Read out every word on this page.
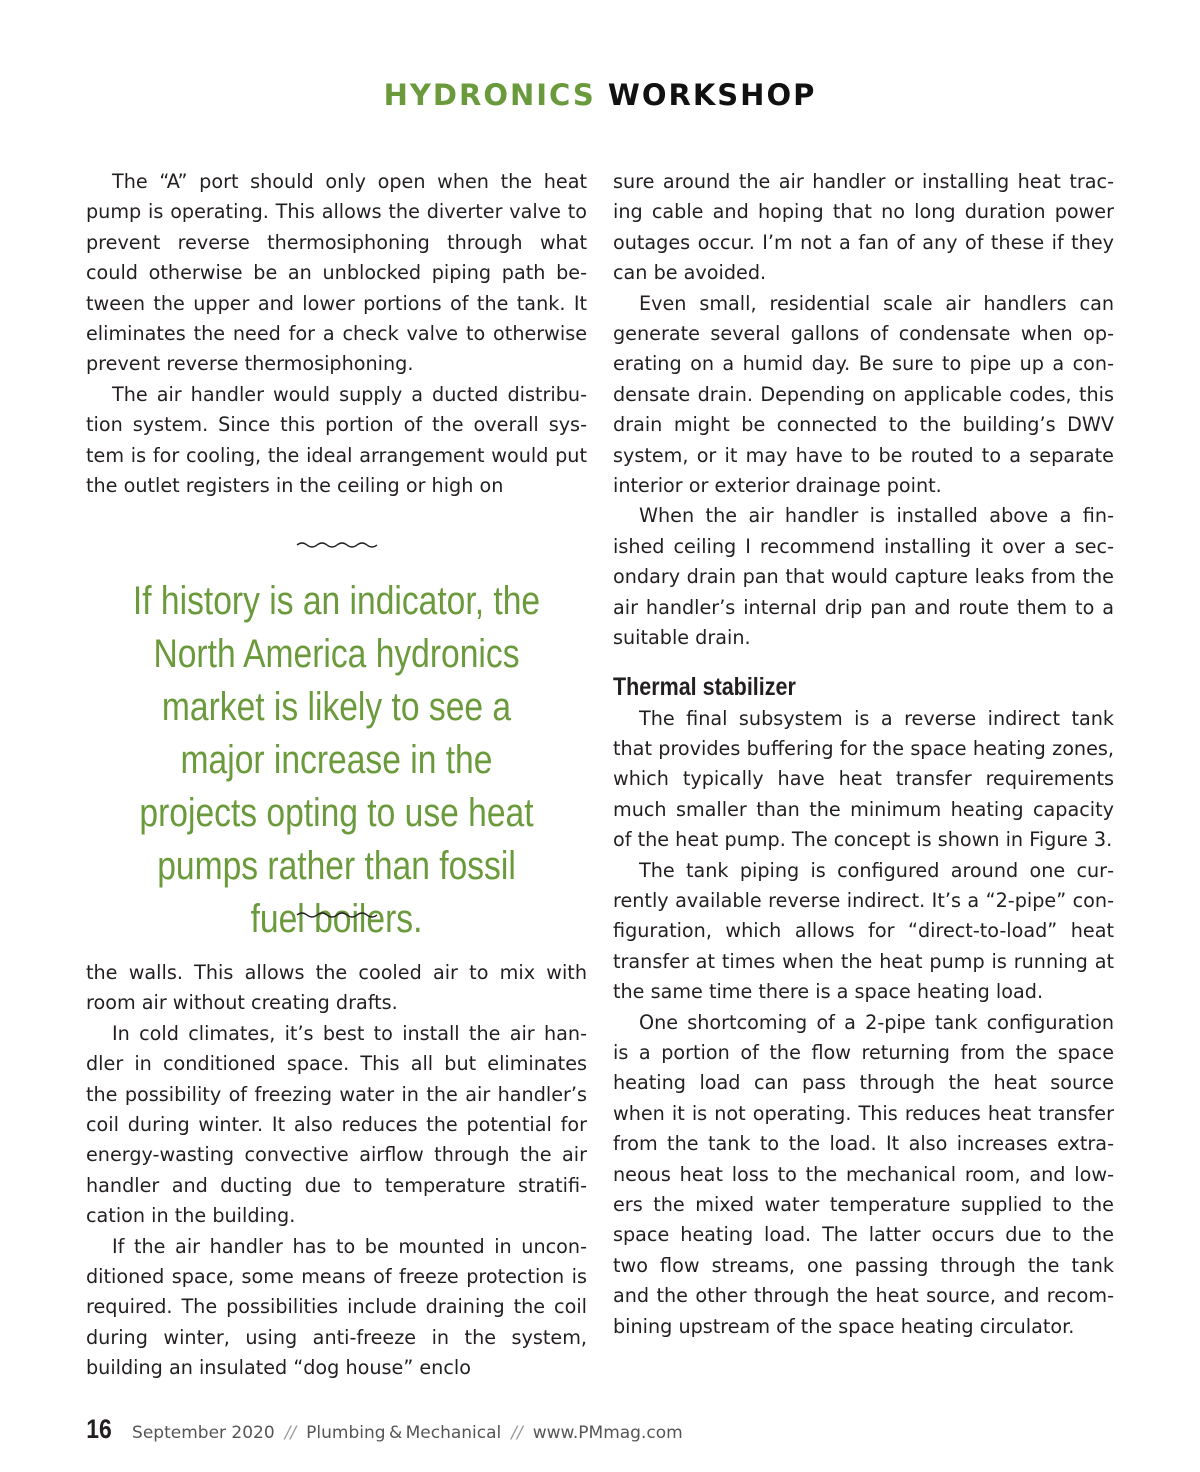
HYDRONICS WORKSHOP

The “A” port should only open when the heat pump is operating. This allows the diverter valve to prevent reverse thermosiphoning through what could otherwise be an unblocked piping path between the upper and lower portions of the tank. It eliminates the need for a check valve to otherwise prevent reverse thermosiphoning.

The air handler would supply a ducted distribution system. Since this portion of the overall system is for cooling, the ideal arrangement would put the outlet registers in the ceiling or high on

If history is an indicator, the North America hydronics market is likely to see a major increase in the projects opting to use heat pumps rather than fossil fuel boilers.

the walls. This allows the cooled air to mix with room air without creating drafts.

In cold climates, it’s best to install the air handler in conditioned space. This all but eliminates the possibility of freezing water in the air handler’s coil during winter. It also reduces the potential for energy-wasting convective airflow through the air handler and ducting due to temperature stratification in the building.

If the air handler has to be mounted in unconditioned space, some means of freeze protection is required. The possibilities include draining the coil during winter, using anti-freeze in the system, building an insulated “dog house” enclo

sure around the air handler or installing heat tracing cable and hoping that no long duration power outages occur. I’m not a fan of any of these if they can be avoided.

Even small, residential scale air handlers can generate several gallons of condensate when operating on a humid day. Be sure to pipe up a condensate drain. Depending on applicable codes, this drain might be connected to the building’s DWV system, or it may have to be routed to a separate interior or exterior drainage point.

When the air handler is installed above a finished ceiling I recommend installing it over a secondary drain pan that would capture leaks from the air handler’s internal drip pan and route them to a suitable drain.

Thermal stabilizer

The final subsystem is a reverse indirect tank that provides buffering for the space heating zones, which typically have heat transfer requirements much smaller than the minimum heating capacity of the heat pump. The concept is shown in Figure 3.

The tank piping is configured around one currently available reverse indirect. It’s a “2-pipe” configuration, which allows for “direct-to-load” heat transfer at times when the heat pump is running at the same time there is a space heating load.

One shortcoming of a 2-pipe tank configuration is a portion of the flow returning from the space heating load can pass through the heat source when it is not operating. This reduces heat transfer from the tank to the load. It also increases extraneous heat loss to the mechanical room, and lowers the mixed water temperature supplied to the space heating load. The latter occurs due to the two flow streams, one passing through the tank and the other through the heat source, and recombining upstream of the space heating circulator.

16 September 2020 // Plumbing & Mechanical // www.PMmag.com
